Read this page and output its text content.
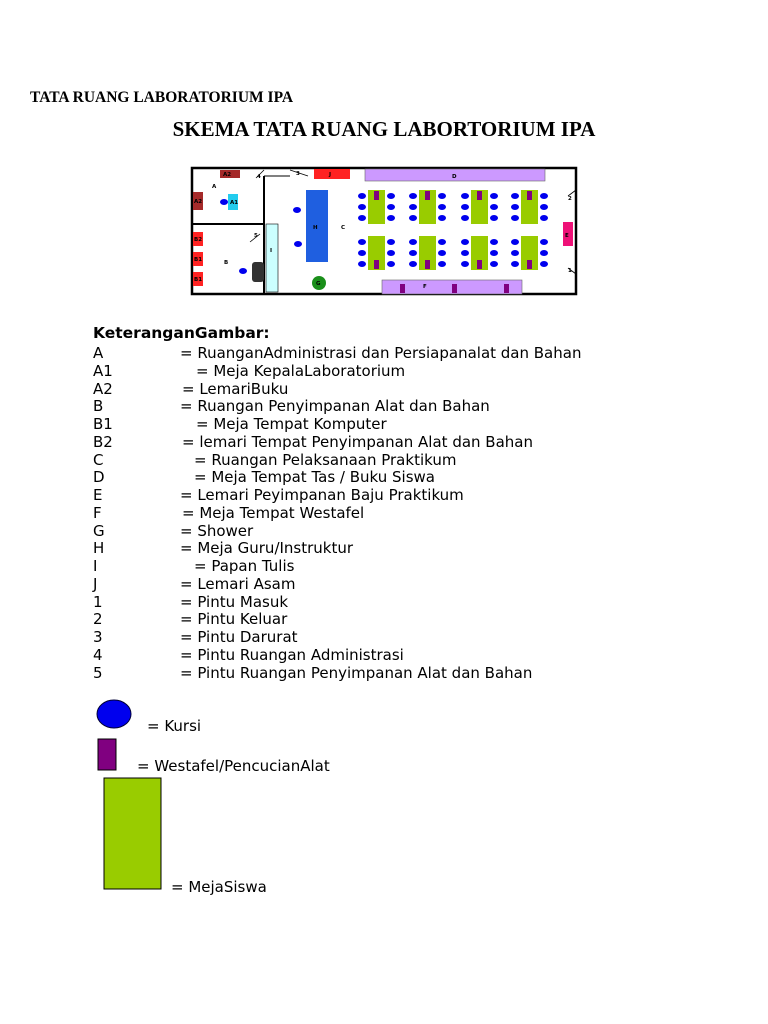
TATA RUANG LABORATORIUM IPA
SKEMA TATA RUANG LABORTORIUM IPA
A
A2
A2	A1
B
B2
B1
B1
C
D
E
F
G
H
I
J
1
2
3
4
5
KeteranganGambar:
A	= RuanganAdministrasi dan Persiapanalat dan Bahan
A1	= Meja KepalaLaboratorium
A2	= LemariBuku
B	= Ruangan Penyimpanan Alat dan Bahan
B1	= Meja Tempat Komputer
B2	= lemari Tempat Penyimpanan Alat dan Bahan
C	= Ruangan Pelaksanaan Praktikum
D	= Meja Tempat Tas / Buku Siswa
E	= Lemari Peyimpanan Baju Praktikum
F	= Meja Tempat Westafel
G	= Shower
H	= Meja Guru/Instruktur
I	= Papan Tulis
J	= Lemari Asam
1	= Pintu Masuk
2	= Pintu Keluar
3	= Pintu Darurat
4	= Pintu Ruangan Administrasi
5	= Pintu Ruangan Penyimpanan Alat dan Bahan
= Kursi
= Westafel/PencucianAlat
= MejaSiswa
